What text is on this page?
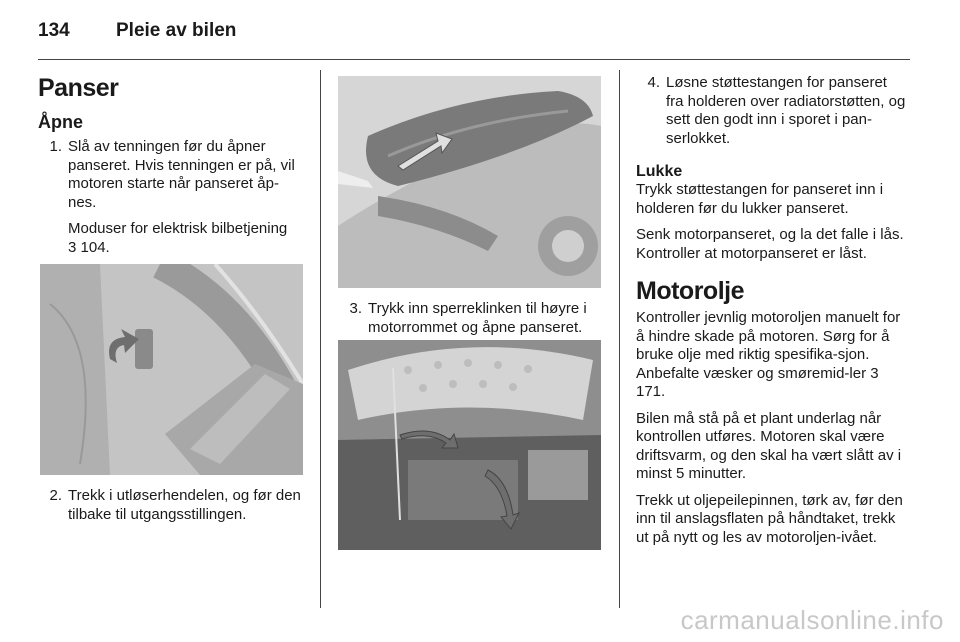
134 Pleie av bilen
Panser
Åpne
1. Slå av tenningen før du åpner panseret. Hvis tenningen er på, vil motoren starte når panseret åp-nes.

Moduser for elektrisk bilbetjening
3 104.

2. Trekk i utløserhendelen, og før den tilbake til utgangsstillingen.
3. Trykk inn sperreklinken til høyre i motorrommet og åpne panseret.
4. Løsne støttestangen for panseret fra holderen over radiatorstøtten, og sett den godt inn i sporet i pan-serlokket.
Lukke

Trykk støttestangen for panseret inn i holderen før du lukker panseret.

Senk motorpanseret, og la det falle i lås. Kontroller at motorpanseret er låst.

Motorolje

Kontroller jevnlig motoroljen manuelt for å hindre skade på motoren. Sørg for å bruke olje med riktig spesifika-sjon. Anbefalte væsker og smøremid-ler 3 171.

Bilen må stå på et plant underlag når kontrollen utføres. Motoren skal være driftsvarm, og den skal ha vært slått av i minst 5 minutter.

Trekk ut oljepeilepinnen, tørk av, før den inn til anslagsflaten på håndtaket, trekk ut på nytt og les av motoroljen-ivået.

carmanualsonline.info
